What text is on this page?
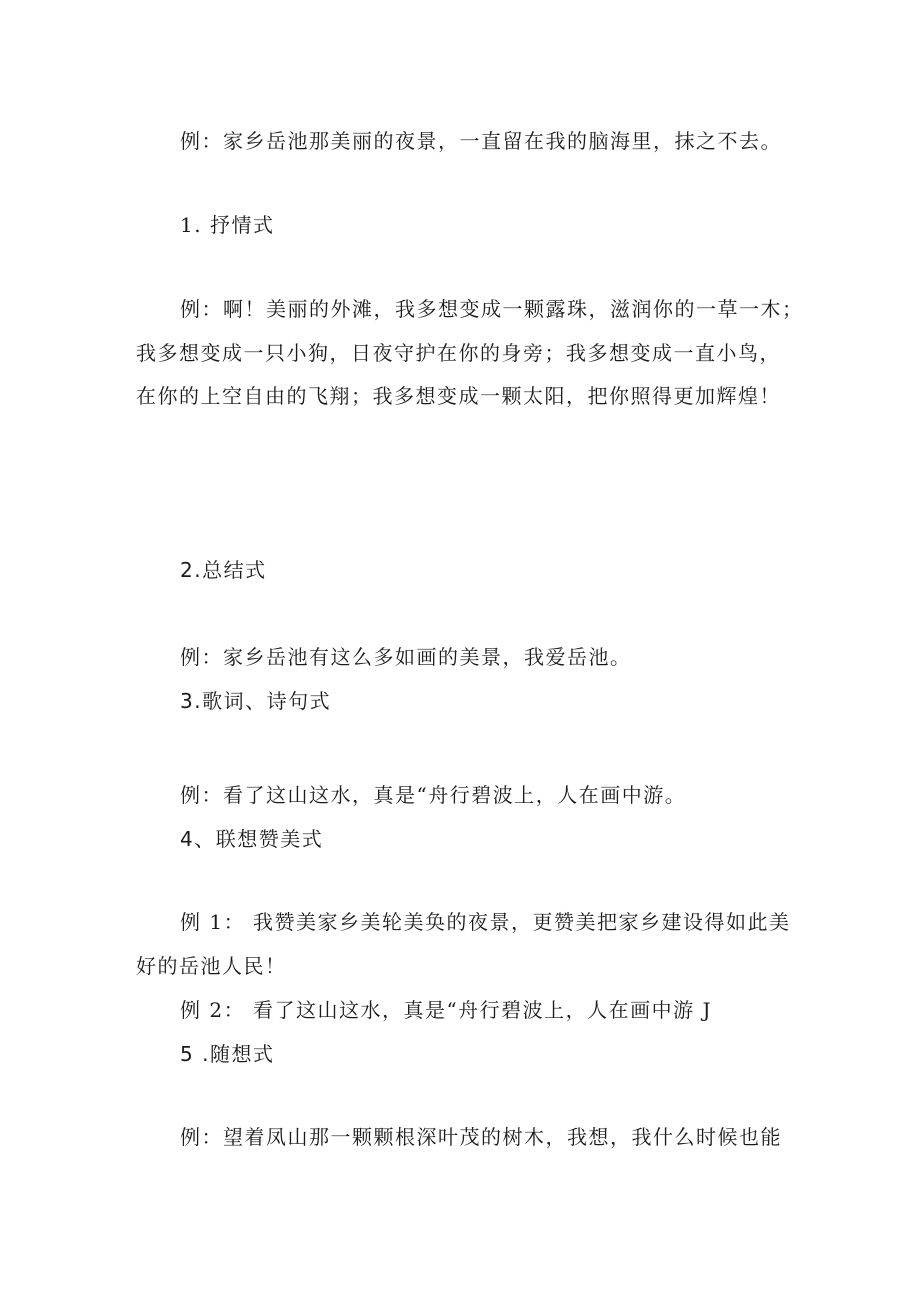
例：家乡岳池那美丽的夜景，一直留在我的脑海里，抹之不去。
1. 抒情式
例：啊！美丽的外滩，我多想变成一颗露珠，滋润你的一草一木；
我多想变成一只小狗，日夜守护在你的身旁；我多想变成一直小鸟，
在你的上空自由的飞翔；我多想变成一颗太阳，把你照得更加辉煌！
2.总结式
例：家乡岳池有这么多如画的美景，我爱岳池。
3.歌词、诗句式
例：看了这山这水，真是“舟行碧波上，人在画中游。
4、联想赞美式
例 1： 我赞美家乡美轮美奂的夜景，更赞美把家乡建设得如此美
好的岳池人民！
例 2： 看了这山这水，真是“舟行碧波上，人在画中游 J
5 .随想式
例：望着凤山那一颗颗根深叶茂的树木，我想，我什么时候也能
